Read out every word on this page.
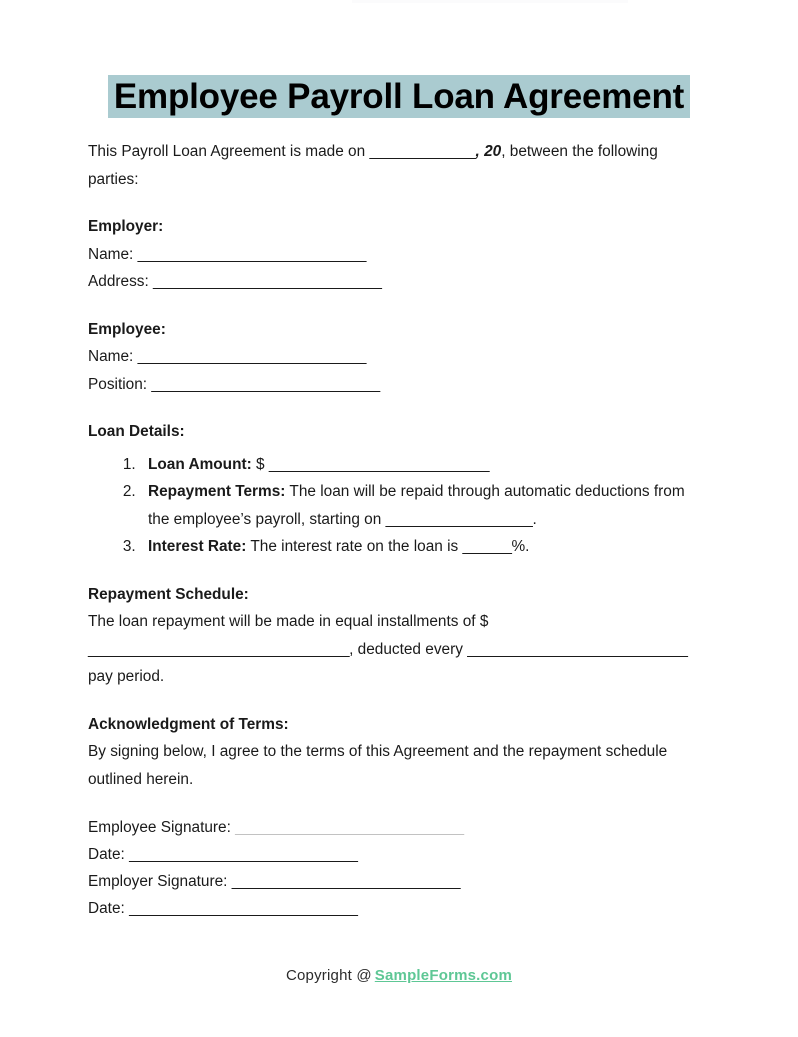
Employee Payroll Loan Agreement

This Payroll Loan Agreement is made on _____________, 20, between the following parties:

Employer:

Name: ____________________________

Address: ____________________________

Employee:

Name: ____________________________

Position: ____________________________

Loan Details:

1. Loan Amount: $ ___________________________
2. Repayment Terms: The loan will be repaid through automatic deductions from the employee’s payroll, starting on __________________.
3. Interest Rate: The interest rate on the loan is ______%.

Repayment Schedule:

The loan repayment will be made in equal installments of $ ________________________________, deducted every ___________________________ pay period.

Acknowledgment of Terms:

By signing below, I agree to the terms of this Agreement and the repayment schedule outlined herein.

Employee Signature: ____________________________

Date: ____________________________

Employer Signature: ____________________________

Date: ____________________________

Copyright @ SampleForms.com
